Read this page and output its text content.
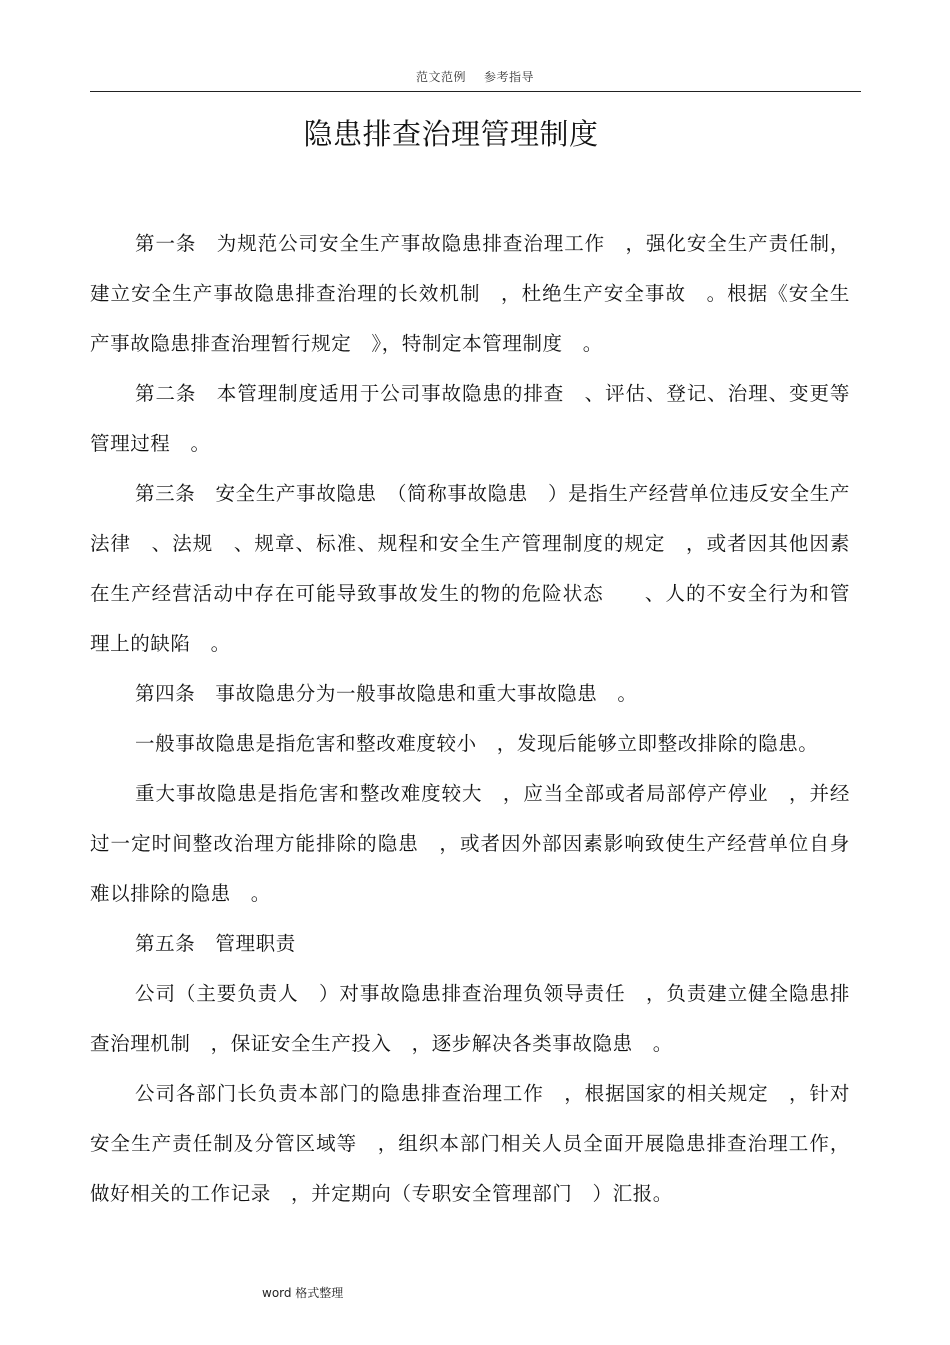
范文范例 参考指导
隐患排查治理管理制度

第一条　为规范公司安全生产事故隐患排查治理工作　，强化安全生产责任制，建立安全生产事故隐患排查治理的长效机制　，杜绝生产安全事故　。根据《安全生产事故隐患排查治理暂行规定　》，特制定本管理制度　。

第二条　本管理制度适用于公司事故隐患的排查　、评估、登记、治理、变更等管理过程　。

第三条　安全生产事故隐患　（简称事故隐患　）是指生产经营单位违反安全生产法律　、法规　、规章、标准、规程和安全生产管理制度的规定　，或者因其他因素在生产经营活动中存在可能导致事故发生的物的危险状态　　、人的不安全行为和管理上的缺陷　。

第四条　事故隐患分为一般事故隐患和重大事故隐患　。

一般事故隐患是指危害和整改难度较小　，发现后能够立即整改排除的隐患。

重大事故隐患是指危害和整改难度较大　，应当全部或者局部停产停业　，并经过一定时间整改治理方能排除的隐患　，或者因外部因素影响致使生产经营单位自身难以排除的隐患　。

第五条　管理职责

公司（主要负责人　）对事故隐患排查治理负领导责任　，负责建立健全隐患排查治理机制　，保证安全生产投入　，逐步解决各类事故隐患　。

公司各部门长负责本部门的隐患排查治理工作　，根据国家的相关规定　，针对安全生产责任制及分管区域等　，组织本部门相关人员全面开展隐患排查治理工作，做好相关的工作记录　，并定期向（专职安全管理部门　）汇报。

word 格式整理
